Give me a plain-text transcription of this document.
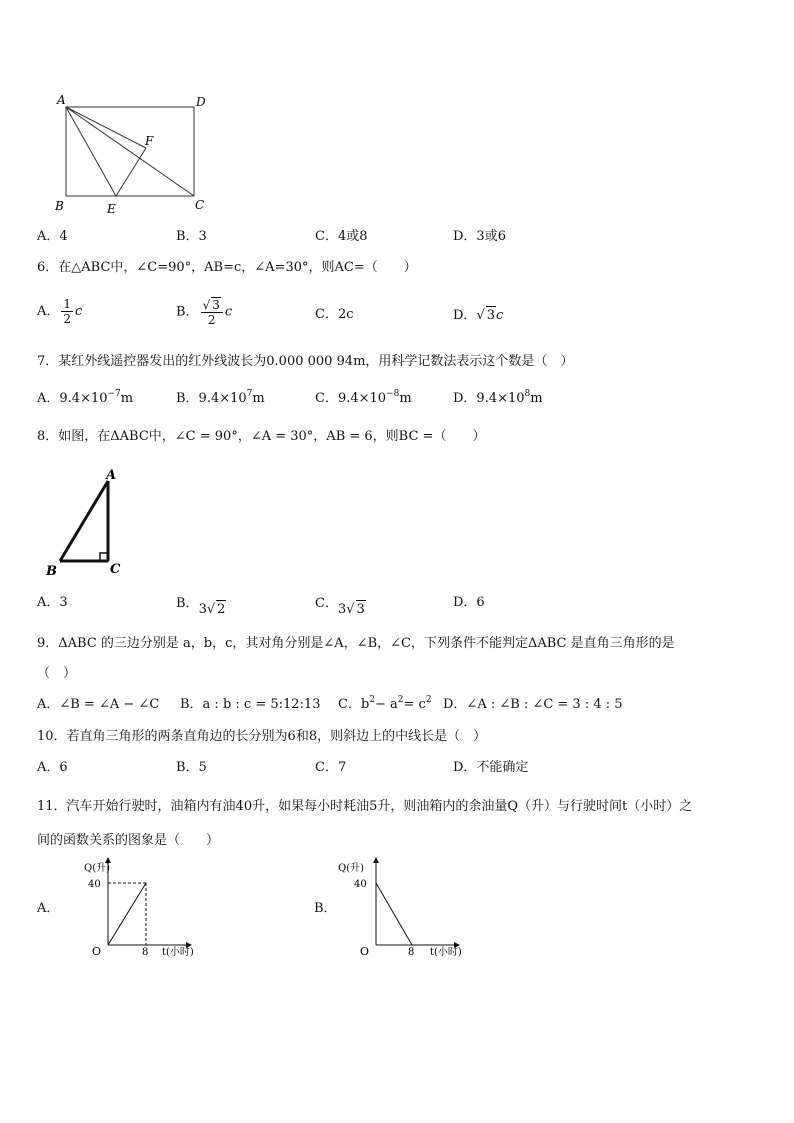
A	D
B	E	C
F
A．4	B．3	C．4或8	D．3或6
6．在△ABC中，∠C=90°，AB=c，∠A=30°，则AC=（　　）
A． $\frac{1}{2}$ c	B． $\frac{√ 3}{2}$ c	C．2c	D．√ 3c
7．某红外线遥控器发出的红外线波长为0.000 000 94m，用科学记数法表示这个数是（　）
A．$9.4\times 10^{-7}m$	B．$9.4\times 10^7m$	C．$9.4\times 10^{-8}m$	D．$9.4\times 10^8m$
8．如图，在ΔABC中，∠C = 90°，∠A = 30°，AB = 6，则BC =（　　）
A
B	C
A．3	B．3√ 2	C．3√ 3	D．6
9．ΔABC 的三边分别是 a，b，c，其对角分别是∠A，∠B，∠C，下列条件不能判定ΔABC 是直角三角形的是
（　）
A．∠B = ∠A − ∠C B．a : b : c = 5:12:13 C．$b^2- a^2= c^2$ D．∠A : ∠B : ∠C = 3 : 4 : 5
10．若直角三角形的两条直角边的长分别为6和8，则斜边上的中线长是（　）
A．6	B．5	C．7	D．不能确定
11．汽车开始行驶时，油箱内有油40升，如果每小时耗油5升，则油箱内的余油量Q（升）与行驶时间t（小时）之
间的函数关系的图象是（　　）
A．
Q(升)
40
O	8 t(小时)
B．
Q(升)
40
O	8 t(小时)
